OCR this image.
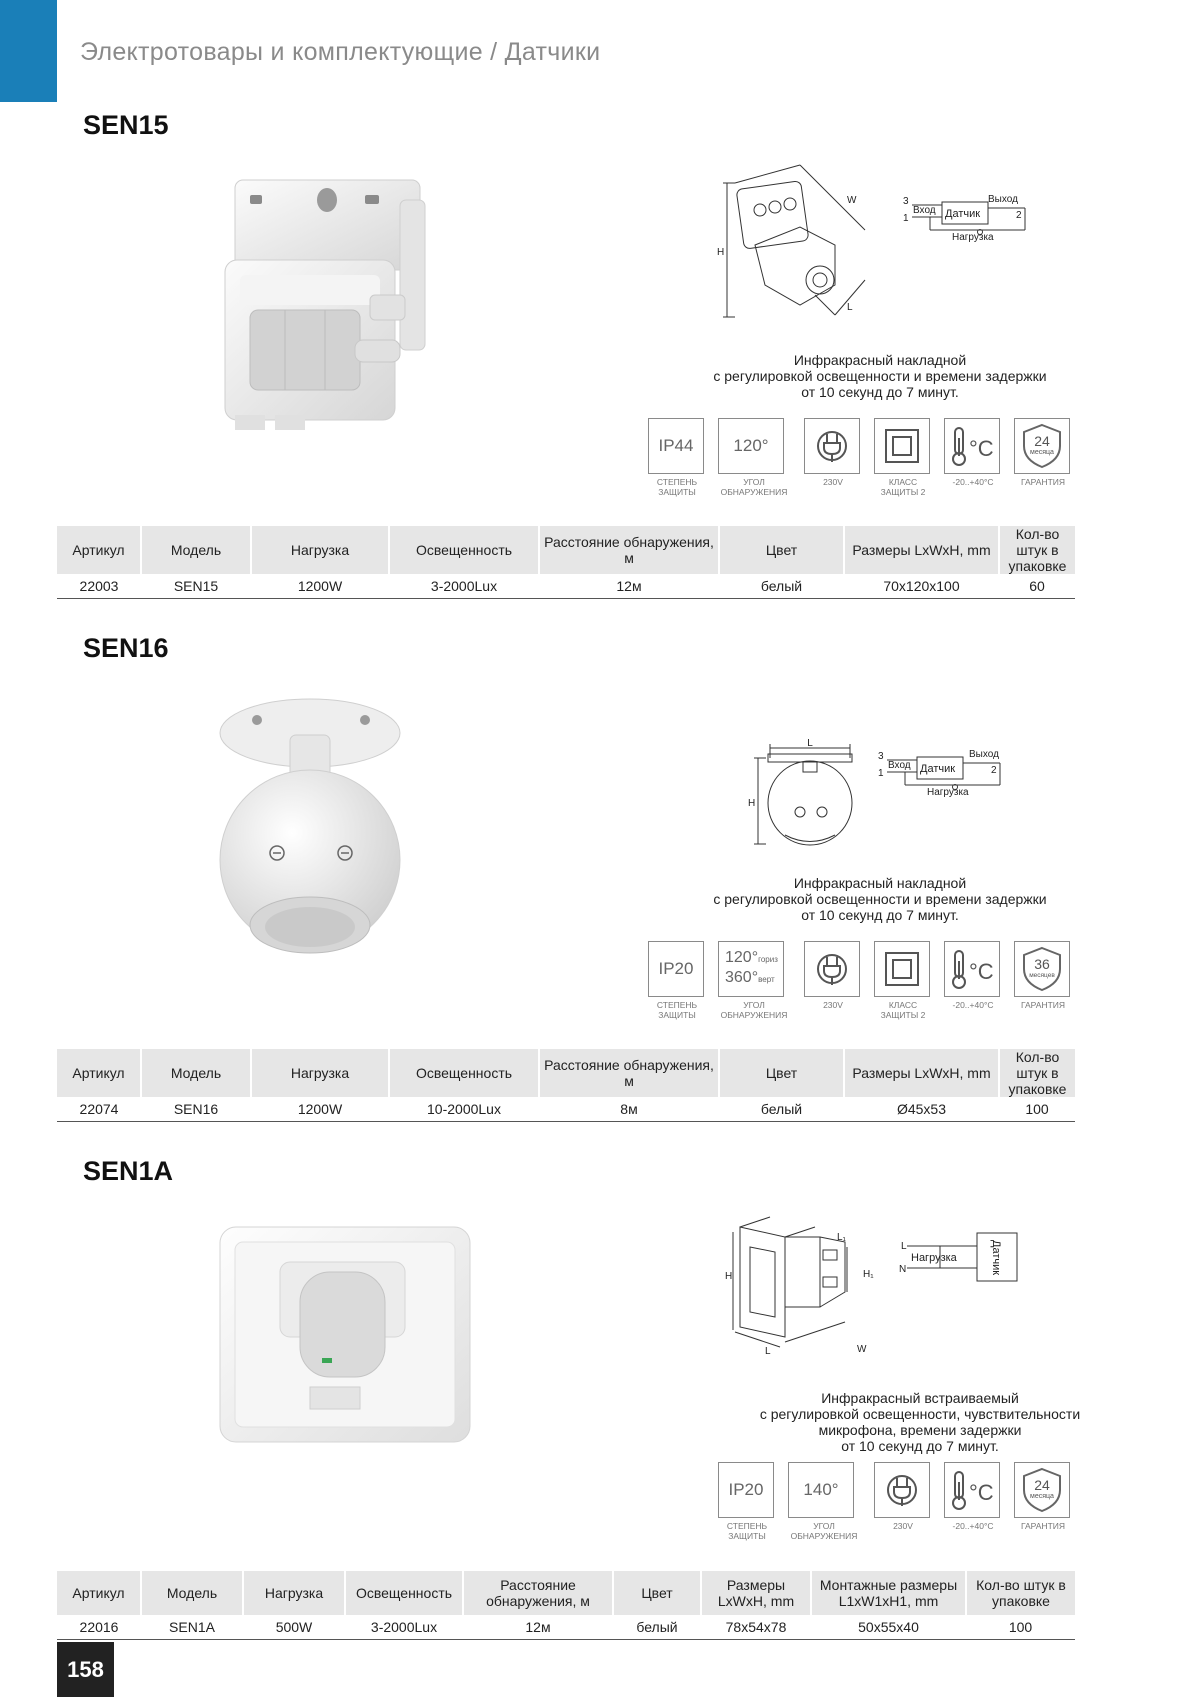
Электротовары и комплектующие / Датчики
SEN15
H
W
L
3
1
Вход Датчик
Выход
2
Нагрузка
Инфракрасный накладной
с регулировкой освещенности и времени задержки
от 10 секунд до 7 минут.
IP44
СТЕПЕНЬ ЗАЩИТЫ
120°
УГОЛ ОБНАРУЖЕНИЯ
230V	КЛАСС ЗАЩИТЫ 2
°C
-20..+40°C
24
месяца
ГАРАНТИЯ
Артикул	Модель	Нагрузка	Освещенность	Расстояние обнаружения, м	Цвет	Размеры LxWxH, mm	Кол-во штук в упаковке
22003	SEN15	1200W	3-2000Lux	12м	белый	70x120x100	60
SEN16
L
H
3
1
Вход Датчик
Выход
2
Нагрузка
Инфракрасный накладной
с регулировкой освещенности и времени задержки
от 10 секунд до 7 минут.
IP20
СТЕПЕНЬ ЗАЩИТЫ
120°гориз
360°верт
УГОЛ ОБНАРУЖЕНИЯ
230V	КЛАСС ЗАЩИТЫ 2
°C
-20..+40°C
36
месяцев
ГАРАНТИЯ
Артикул	Модель	Нагрузка	Освещенность	Расстояние обнаружения, м	Цвет	Размеры LxWxH, mm	Кол-во штук в упаковке
22074	SEN16	1200W	10-2000Lux	8м	белый	Ø45x53	100
SEN1A
H
L	W
L₁
H₁
L
N
Нагрузка	Датчик
Инфракрасный встраиваемый
с регулировкой освещенности, чувствительности
микрофона, времени задержки
от 10 секунд до 7 минут.
IP20
СТЕПЕНЬ ЗАЩИТЫ
140°
УГОЛ ОБНАРУЖЕНИЯ
230V
°C
-20..+40°C
24
месяца
ГАРАНТИЯ
Артикул	Модель	Нагрузка	Освещенность	Расстояние обнаружения, м	Цвет	Размеры LxWxH, mm	Монтажные размеры L1xW1xH1, mm	Кол-во штук в упаковке
22016	SEN1A	500W	3-2000Lux	12м	белый	78x54x78	50x55x40	100
158
